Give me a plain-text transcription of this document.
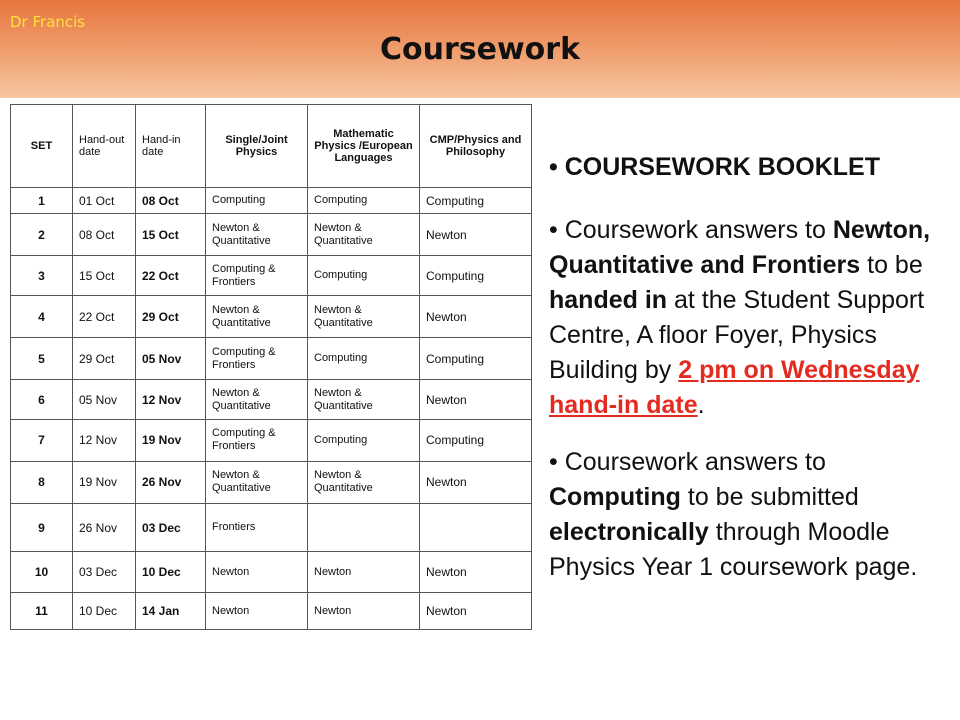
Dr Francis
Coursework
SET	Hand-out date	Hand-in date	Single/Joint Physics	Mathematic Physics /European Languages	CMP/Physics and Philosophy
1	01 Oct	08 Oct	Computing	Computing	Computing
2	08 Oct	15 Oct	Newton & Quantitative	Newton & Quantitative	Newton
3	15 Oct	22 Oct	Computing & Frontiers	Computing	Computing
4	22 Oct	29 Oct	Newton & Quantitative	Newton & Quantitative	Newton
5	29 Oct	05 Nov	Computing & Frontiers	Computing	Computing
6	05 Nov	12 Nov	Newton & Quantitative	Newton & Quantitative	Newton
7	12 Nov	19 Nov	Computing & Frontiers	Computing	Computing
8	19 Nov	26 Nov	Newton & Quantitative	Newton & Quantitative	Newton
9	26 Nov	03 Dec	Frontiers		
10	03 Dec	10 Dec	Newton	Newton	Newton
11	10 Dec	14 Jan	Newton	Newton	Newton

• COURSEWORK BOOKLET

• Coursework answers to Newton, Quantitative and Frontiers to be handed in at the Student Support Centre, A floor Foyer, Physics Building by 2 pm on Wednesday hand-in date.

• Coursework answers to Computing to be submitted electronically through Moodle Physics Year 1 coursework page.
